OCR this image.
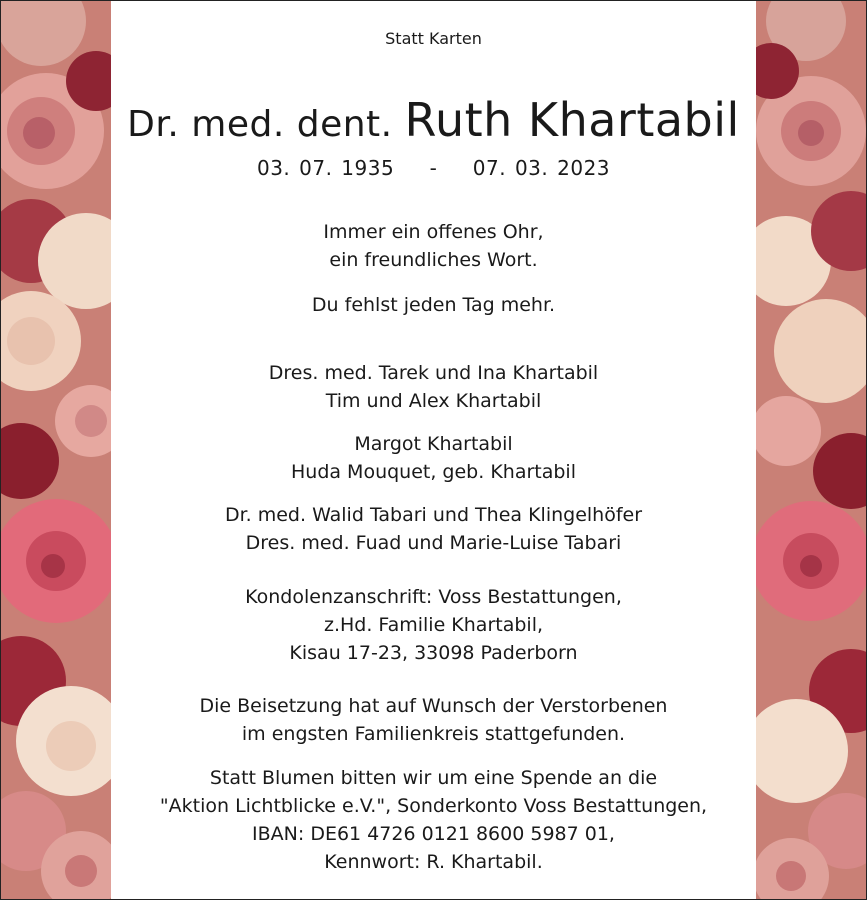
Statt Karten
Dr. med. dent. Ruth Khartabil
03. 07. 1935 - 07. 03. 2023
Immer ein offenes Ohr,
ein freundliches Wort.
Du fehlst jeden Tag mehr.
Dres. med. Tarek und Ina Khartabil
Tim und Alex Khartabil
Margot Khartabil
Huda Mouquet, geb. Khartabil
Dr. med. Walid Tabari und Thea Klingelhöfer
Dres. med. Fuad und Marie-Luise Tabari
Kondolenzanschrift: Voss Bestattungen,
z.Hd. Familie Khartabil,
Kisau 17-23, 33098 Paderborn
Die Beisetzung hat auf Wunsch der Verstorbenen
im engsten Familienkreis stattgefunden.
Statt Blumen bitten wir um eine Spende an die
"Aktion Lichtblicke e.V.", Sonderkonto Voss Bestattungen,
IBAN: DE61 4726 0121 8600 5987 01,
Kennwort: R. Khartabil.
